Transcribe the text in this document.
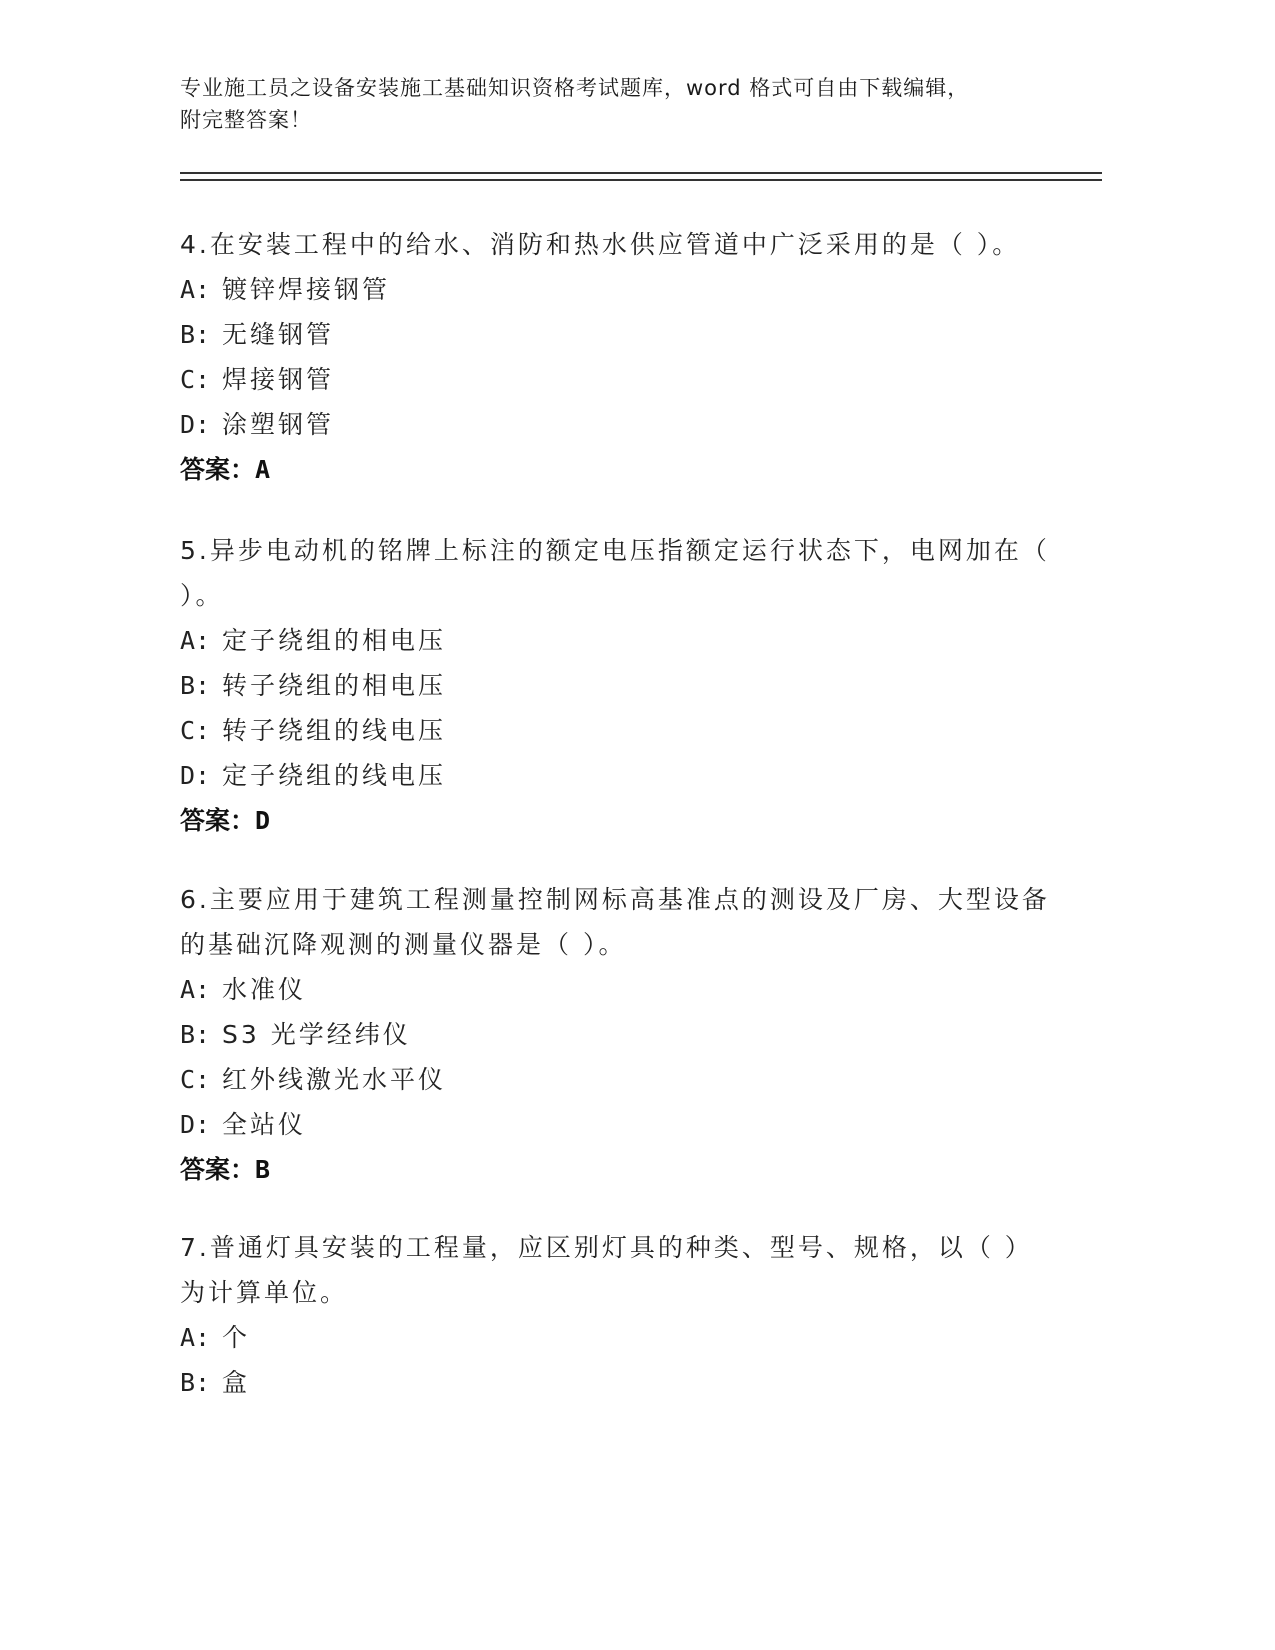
专业施工员之设备安装施工基础知识资格考试题库，word 格式可自由下载编辑，
附完整答案！
4.在安装工程中的给水、消防和热水供应管道中广泛采用的是（ ）。
A: 镀锌焊接钢管
B: 无缝钢管
C: 焊接钢管
D: 涂塑钢管
答案：A
5.异步电动机的铭牌上标注的额定电压指额定运行状态下，电网加在（ ）。
A: 定子绕组的相电压
B: 转子绕组的相电压
C: 转子绕组的线电压
D: 定子绕组的线电压
答案：D
6.主要应用于建筑工程测量控制网标高基准点的测设及厂房、大型设备的基础沉降观测的测量仪器是（ ）。
A: 水准仪
B: S3 光学经纬仪
C: 红外线激光水平仪
D: 全站仪
答案：B
7.普通灯具安装的工程量，应区别灯具的种类、型号、规格，以（ ）为计算单位。
A: 个
B: 盒
